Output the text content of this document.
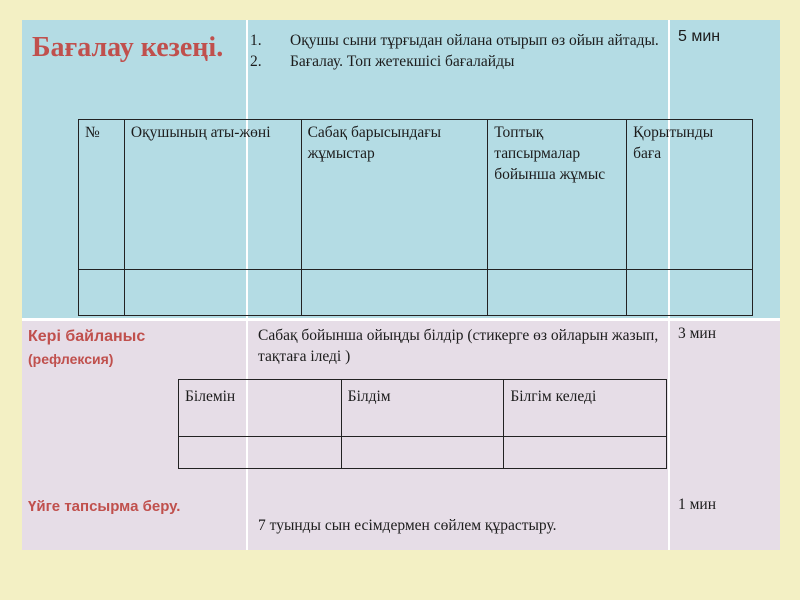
Бағалау кезеңі.	1. Оқушы сыни тұрғыдан ойлана отырып өз ойын айтады.
2. Бағалау. Топ жетекшісі бағалайды
5 мин
№	Оқушының аты-жөні	Сабақ барысындағы жұмыстар	Топтық тапсырмалар бойынша жұмыс	Қорытынды  баға

Кері байланыс
(рефлексия)
Сабақ бойынша ойыңды білдір (стикерге өз ойларын жазып, тақтаға іледі )
3 мин
Білемін	Білдім	Білгім келеді

Үйге тапсырма беру.
7 туынды сын есімдермен сөйлем құрастыру.
1 мин
